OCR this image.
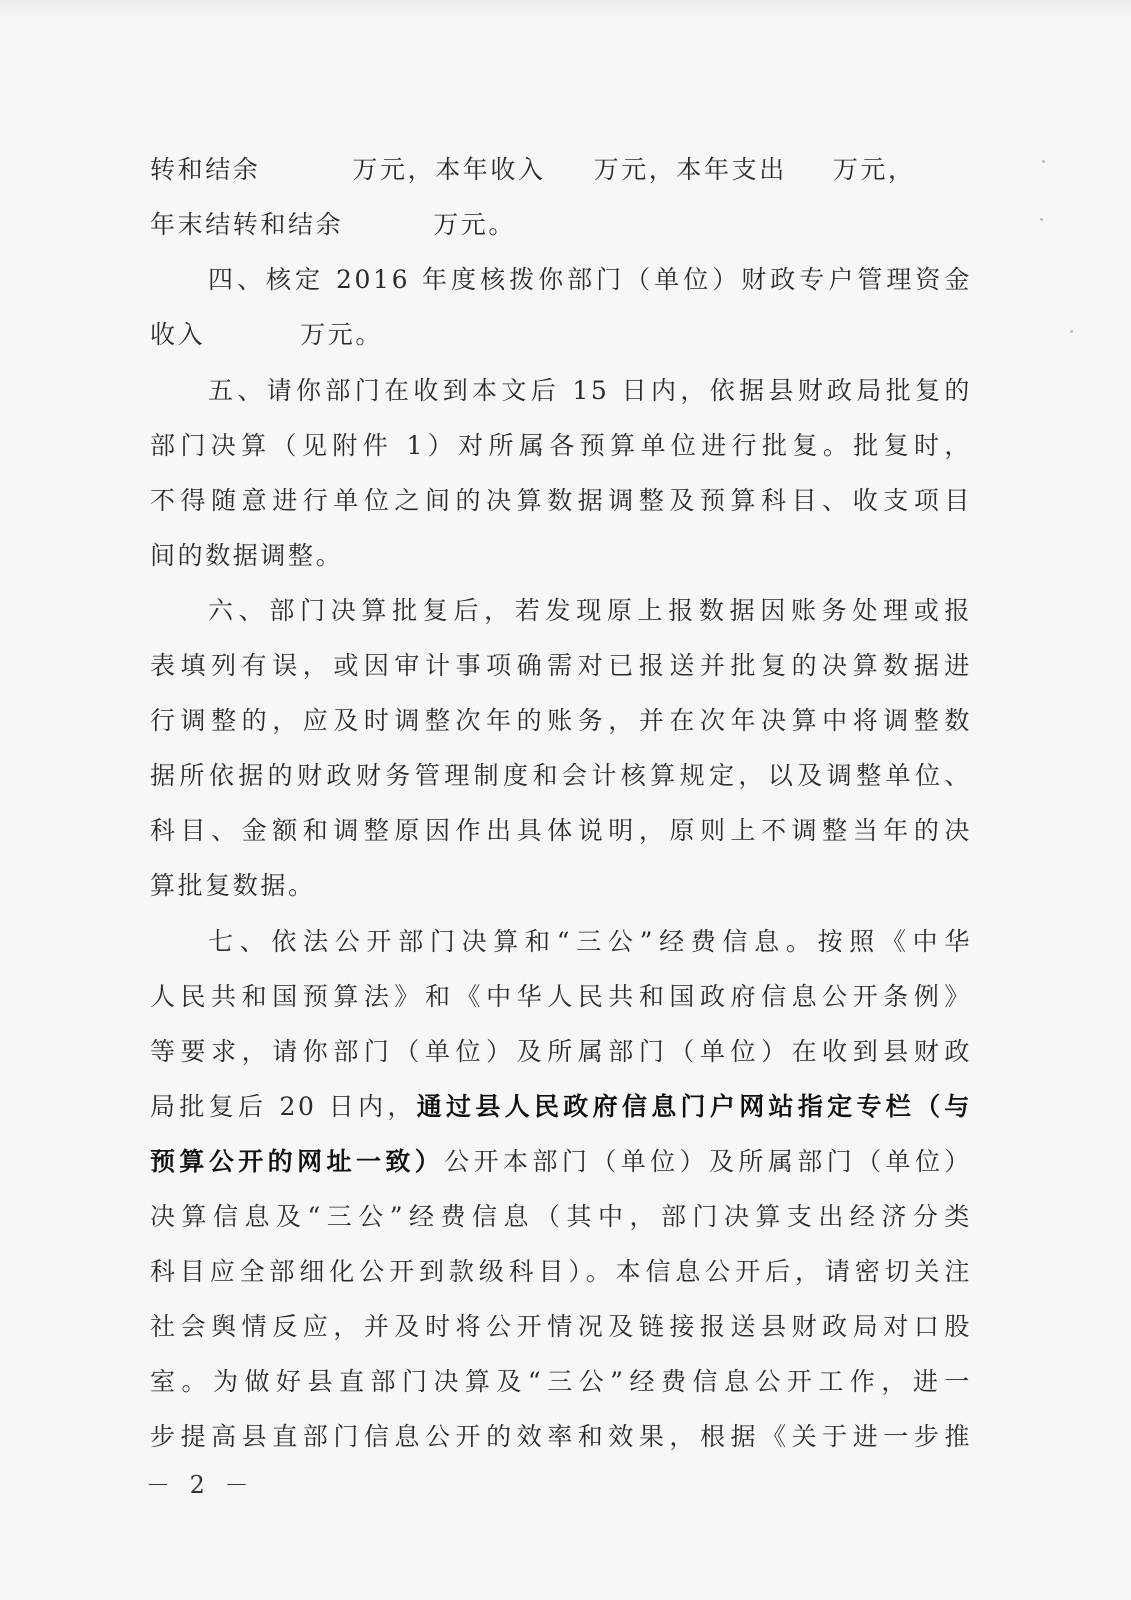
转和结余	万元，本年收入 万元，本年支出 万元，
年末结转和结余	万元。
四、核定 2016 年度核拨你部门（单位）财政专户管理资金
收入	万元。
五、请你部门在收到本文后 15 日内，依据县财政局批复的
部门决算（见附件 1）对所属各预算单位进行批复。批复时，
不得随意进行单位之间的决算数据调整及预算科目、收支项目
间的数据调整。
六、部门决算批复后，若发现原上报数据因账务处理或报
表填列有误，或因审计事项确需对已报送并批复的决算数据进
行调整的，应及时调整次年的账务，并在次年决算中将调整数
据所依据的财政财务管理制度和会计核算规定，以及调整单位、
科目、金额和调整原因作出具体说明，原则上不调整当年的决
算批复数据。
七、依法公开部门决算和“三公”经费信息。按照《中华
人民共和国预算法》和《中华人民共和国政府信息公开条例》
等要求，请你部门（单位）及所属部门（单位）在收到县财政
局批复后 20 日内，通过县人民政府信息门户网站指定专栏（与
预算公开的网址一致）公开本部门（单位）及所属部门（单位）
决算信息及“三公”经费信息（其中，部门决算支出经济分类
科目应全部细化公开到款级科目）。本信息公开后，请密切关注
社会舆情反应，并及时将公开情况及链接报送县财政局对口股
室。为做好县直部门决算及“三公”经费信息公开工作，进一
步提高县直部门信息公开的效率和效果，根据《关于进一步推
－ 2 －
